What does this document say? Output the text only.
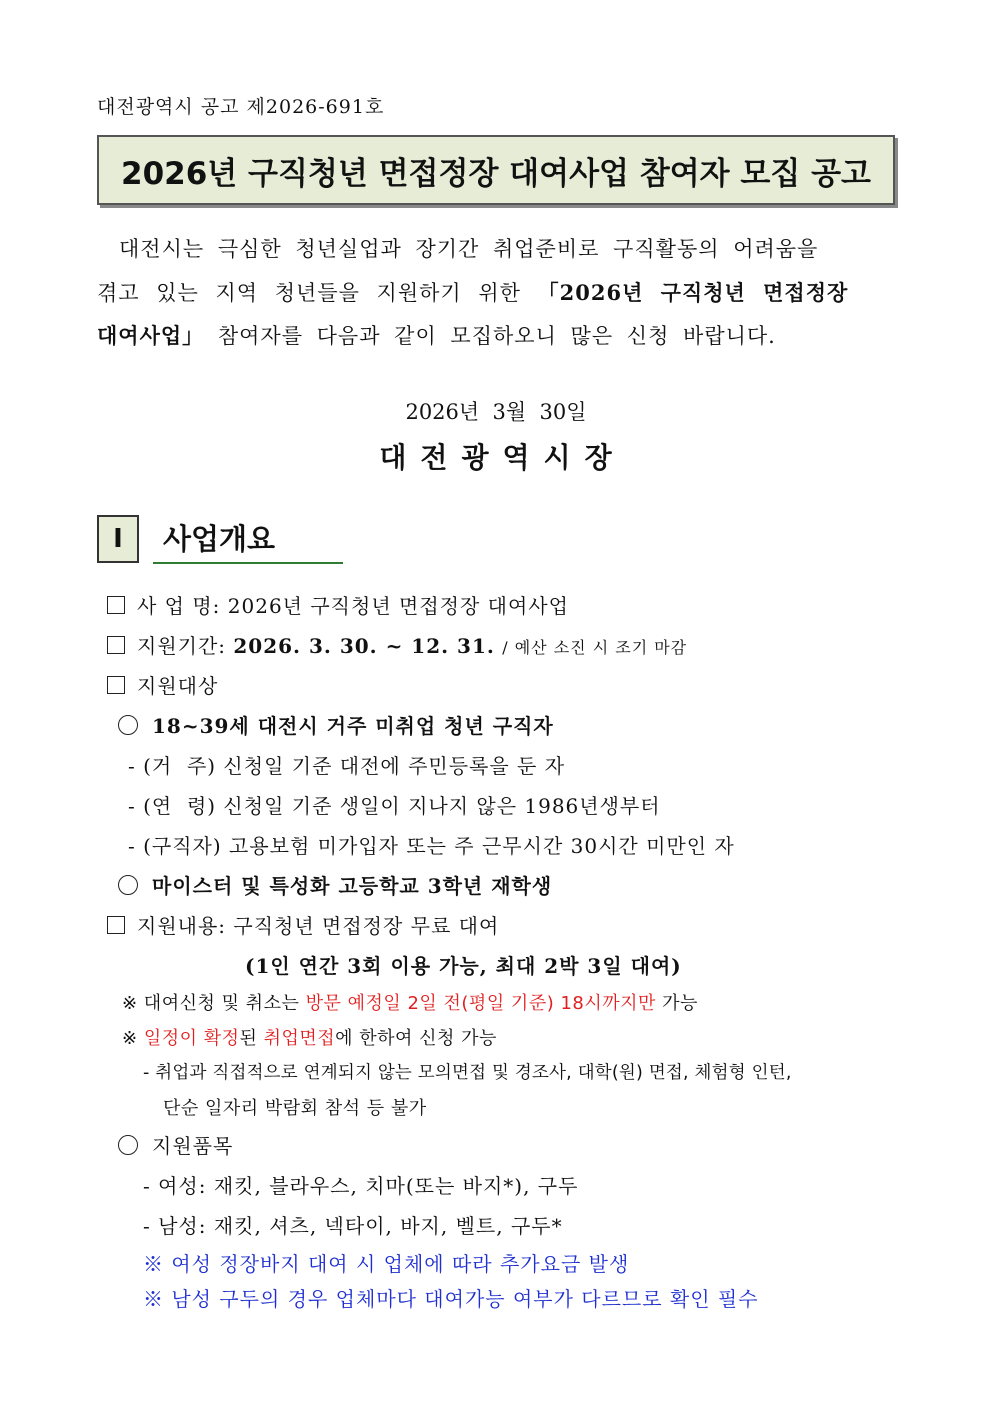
대전광역시 공고 제2026-691호
2026년 구직청년 면접정장 대여사업 참여자 모집 공고
대전시는 극심한 청년실업과 장기간 취업준비로 구직활동의 어려움을
겪고 있는 지역 청년들을 지원하기 위한 「2026년 구직청년 면접정장
대여사업」 참여자를 다음과 같이 모집하오니 많은 신청 바랍니다.
2026년  3월  30일
대전광역시장
Ⅰ	사업개요
사 업 명: 2026년 구직청년 면접정장 대여사업
지원기간: 2026. 3. 30. ~ 12. 31. / 예산 소진 시 조기 마감
지원대상
18~39세 대전시 거주 미취업 청년 구직자
- (거  주) 신청일 기준 대전에 주민등록을 둔 자
- (연  령) 신청일 기준 생일이 지나지 않은 1986년생부터
- (구직자) 고용보험 미가입자 또는 주 근무시간 30시간 미만인 자
마이스터 및 특성화 고등학교 3학년 재학생
지원내용: 구직청년 면접정장 무료 대여
(1인 연간 3회 이용 가능, 최대 2박 3일 대여)
※ 대여신청 및 취소는 방문 예정일 2일 전(평일 기준) 18시까지만 가능
※ 일정이 확정된 취업면접에 한하여 신청 가능
- 취업과 직접적으로 연계되지 않는 모의면접 및 경조사, 대학(원) 면접, 체험형 인턴,
단순 일자리 박람회 참석 등 불가
지원품목
- 여성: 재킷, 블라우스, 치마(또는 바지*), 구두
- 남성: 재킷, 셔츠, 넥타이, 바지, 벨트, 구두*
※ 여성 정장바지 대여 시 업체에 따라 추가요금 발생
※ 남성 구두의 경우 업체마다 대여가능 여부가 다르므로 확인 필수
